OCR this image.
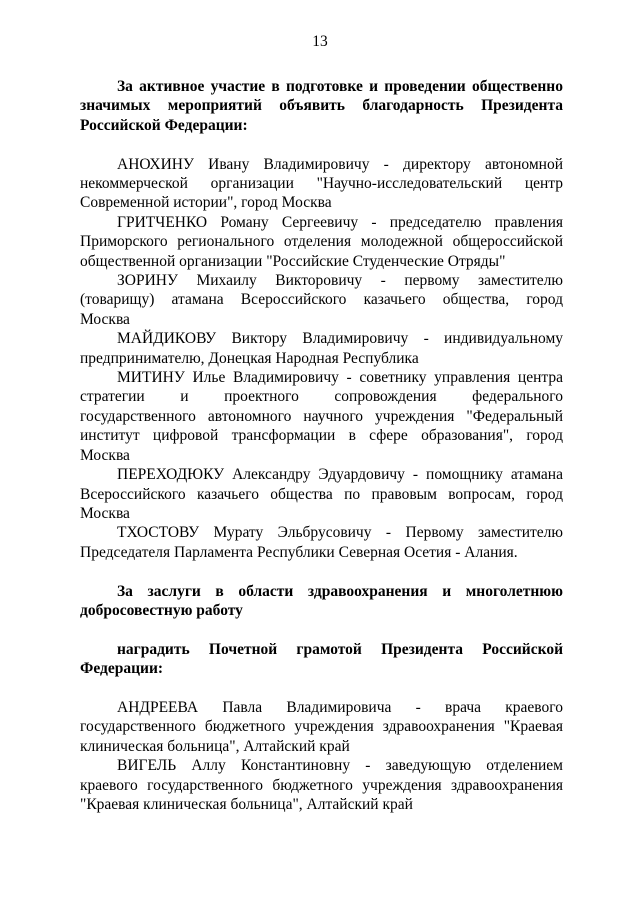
13
За активное участие в подготовке и проведении общественно
значимых мероприятий объявить благодарность Президента
Российской Федерации:
АНОХИНУ Ивану Владимировичу - директору автономной
некоммерческой организации "Научно-исследовательский центр
Современной истории", город Москва
ГРИТЧЕНКО Роману Сергеевичу - председателю правления
Приморского регионального отделения молодежной общероссийской
общественной организации "Российские Студенческие Отряды"
ЗОРИНУ Михаилу Викторовичу - первому заместителю
(товарищу) атамана Всероссийского казачьего общества, город
Москва
МАЙДИКОВУ Виктору Владимировичу - индивидуальному
предпринимателю, Донецкая Народная Республика
МИТИНУ Илье Владимировичу - советнику управления центра
стратегии и проектного сопровождения федерального
государственного автономного научного учреждения "Федеральный
институт цифровой трансформации в сфере образования", город
Москва
ПЕРЕХОДЮКУ Александру Эдуардовичу - помощнику атамана
Всероссийского казачьего общества по правовым вопросам, город
Москва
ТХОСТОВУ Мурату Эльбрусовичу - Первому заместителю
Председателя Парламента Республики Северная Осетия - Алания.
За заслуги в области здравоохранения и многолетнюю
добросовестную работу
наградить Почетной грамотой Президента Российской
Федерации:
АНДРЕЕВА Павла Владимировича - врача краевого
государственного бюджетного учреждения здравоохранения "Краевая
клиническая больница", Алтайский край
ВИГЕЛЬ Аллу Константиновну - заведующую отделением
краевого государственного бюджетного учреждения здравоохранения
"Краевая клиническая больница", Алтайский край
